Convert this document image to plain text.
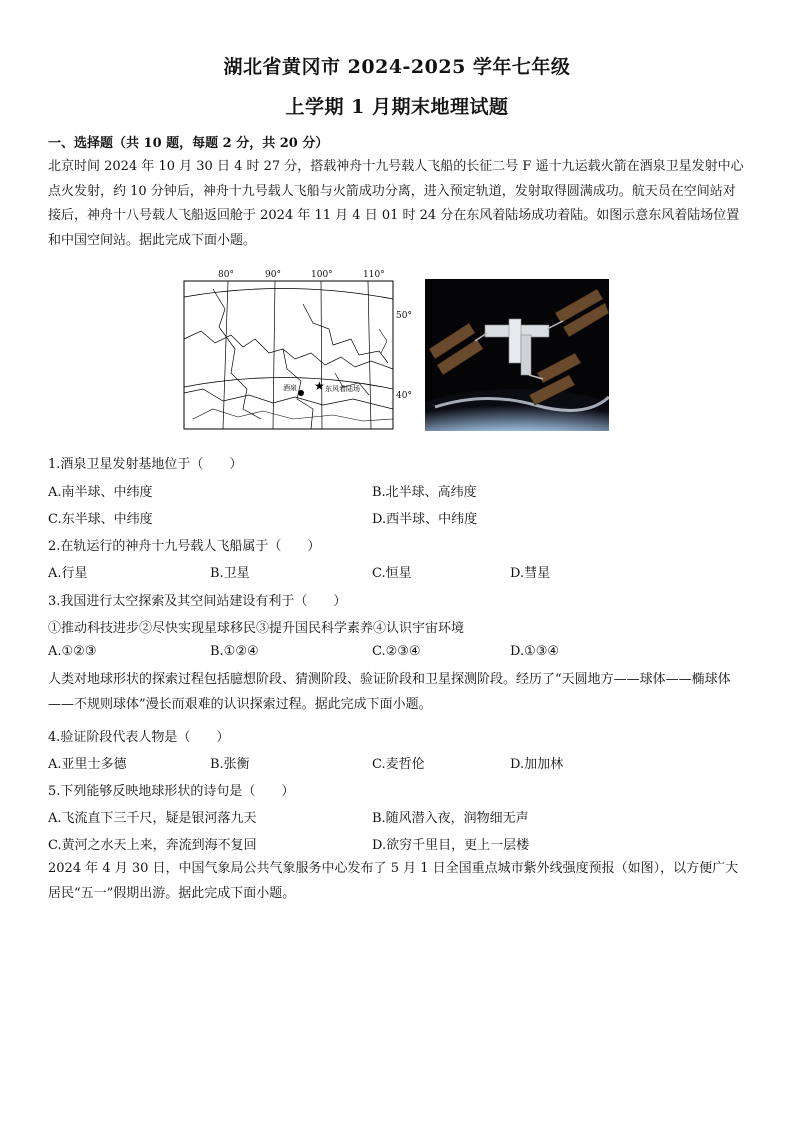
湖北省黄冈市 2024-2025 学年七年级
上学期 1 月期末地理试题
一、选择题（共 10 题，每题 2 分，共 20 分）
北京时间 2024 年 10 月 30 日 4 时 27 分，搭载神舟十九号载人飞船的长征二号 F 遥十九运载火箭在酒泉卫星发射中心点火发射，约 10 分钟后，神舟十九号载人飞船与火箭成功分离，进入预定轨道，发射取得圆满成功。航天员在空间站对接后，神舟十八号载人飞船返回舱于 2024 年 11 月 4 日 01 时 24 分在东风着陆场成功着陆。如图示意东风着陆场位置和中国空间站。据此完成下面小题。
★
酒泉	东风着陆场
80°	90°	100°	110°
50°
40°
1.酒泉卫星发射基地位于（　　）
A.南半球、中纬度	B.北半球、高纬度
C.东半球、中纬度	D.西半球、中纬度
2.在轨运行的神舟十九号载人飞船属于（　　）
A.行星	B.卫星	C.恒星	D.彗星
3.我国进行太空探索及其空间站建设有利于（　　）
①推动科技进步②尽快实现星球移民③提升国民科学素养④认识宇宙环境
A.①②③	B.①②④	C.②③④	D.①③④
人类对地球形状的探索过程包括臆想阶段、猜测阶段、验证阶段和卫星探测阶段。经历了“天圆地方——球体——椭球体——不规则球体”漫长而艰难的认识探索过程。据此完成下面小题。
4.验证阶段代表人物是（　　）
A.亚里士多德	B.张衡	C.麦哲伦	D.加加林
5.下列能够反映地球形状的诗句是（　　）
A.飞流直下三千尺，疑是银河落九天	B.随风潜入夜，润物细无声
C.黄河之水天上来，奔流到海不复回	D.欲穷千里目，更上一层楼
2024 年 4 月 30 日，中国气象局公共气象服务中心发布了 5 月 1 日全国重点城市紫外线强度预报（如图），以方便广大居民“五一”假期出游。据此完成下面小题。
